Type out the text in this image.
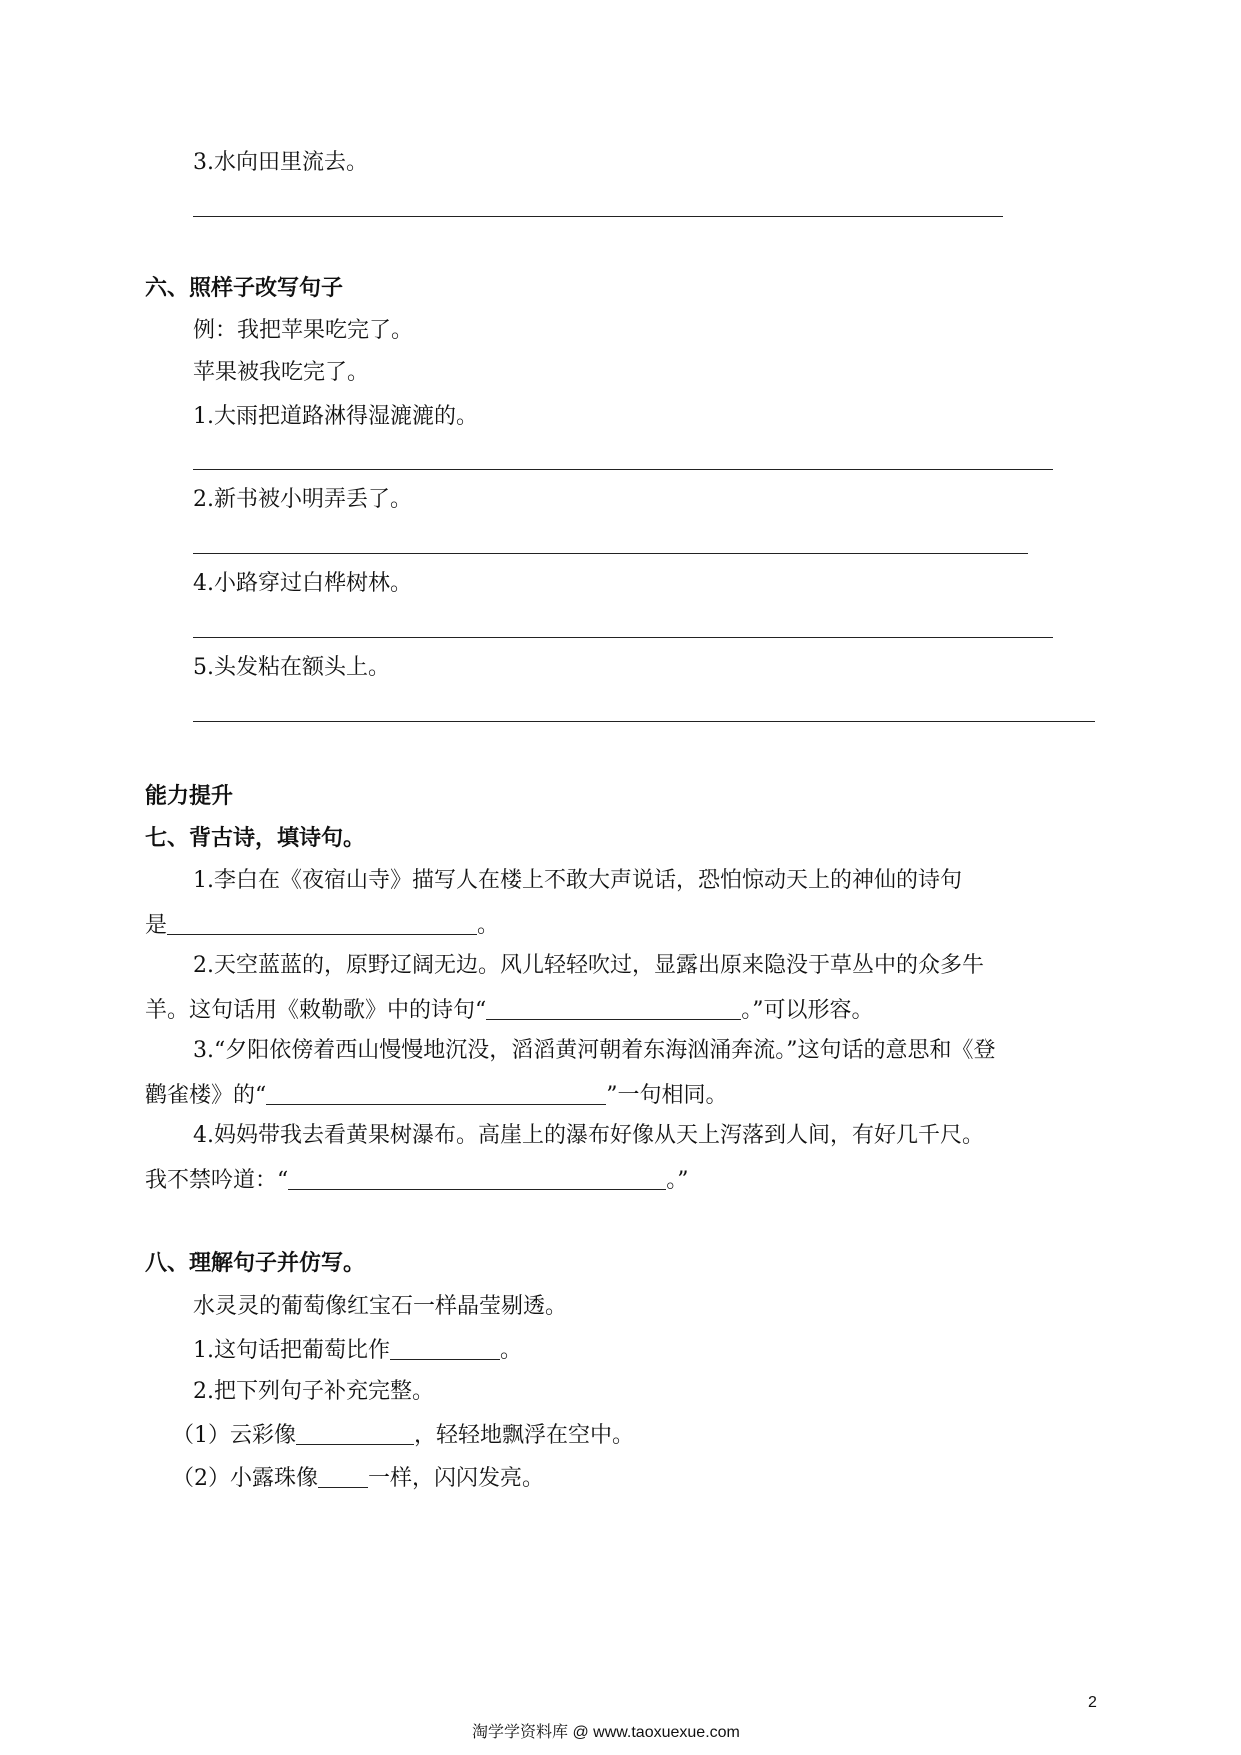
3.水向田里流去。
六、照样子改写句子
例：我把苹果吃完了。
苹果被我吃完了。
1.大雨把道路淋得湿漉漉的。
2.新书被小明弄丢了。
4.小路穿过白桦树林。
5.头发粘在额头上。
能力提升
七、背古诗，填诗句。
1.李白在《夜宿山寺》描写人在楼上不敢大声说话，恐怕惊动天上的神仙的诗句
是	。
2.天空蓝蓝的，原野辽阔无边。风儿轻轻吹过，显露出原来隐没于草丛中的众多牛
羊。这句话用《敕勒歌》中的诗句“	。”可以形容。
3.“夕阳依傍着西山慢慢地沉没，滔滔黄河朝着东海汹涌奔流。”这句话的意思和《登
鹳雀楼》的“	”一句相同。
4.妈妈带我去看黄果树瀑布。高崖上的瀑布好像从天上泻落到人间，有好几千尺。
我不禁吟道：“	。”
八、理解句子并仿写。
水灵灵的葡萄像红宝石一样晶莹剔透。
1.这句话把葡萄比作	。
2.把下列句子补充完整。
（1）云彩像	，轻轻地飘浮在空中。
（2）小露珠像 一样，闪闪发亮。
2
淘学学资料库 @ www.taoxuexue.com
